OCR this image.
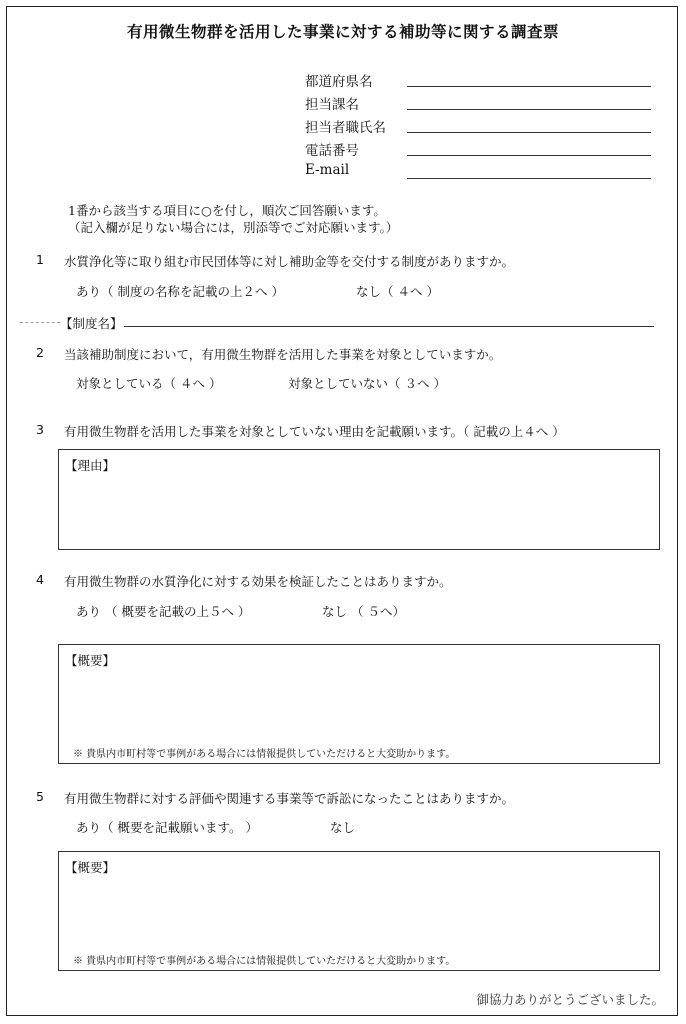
有用微生物群を活用した事業に対する補助等に関する調査票
都道府県名
担当課名
担当者職氏名
電話番号
E-mail
1番から該当する項目に○を付し，順次ご回答願います。
（記入欄が足りない場合には，別添等でご対応願います。）
1 水質浄化等に取り組む市民団体等に対し補助金等を交付する制度がありますか。
あり（ 制度の名称を記載の上２へ ）	なし（ ４へ ）
【制度名】
2 当該補助制度において，有用微生物群を活用した事業を対象としていますか。
対象としている（ ４へ ）	対象としていない（ ３へ ）
3 有用微生物群を活用した事業を対象としていない理由を記載願います。（ 記載の上４へ ）
【理由】
4 有用微生物群の水質浄化に対する効果を検証したことはありますか。
あり （ 概要を記載の上５へ ）	なし （ ５へ）
【概要】
※ 貴県内市町村等で事例がある場合には情報提供していただけると大変助かります。
5 有用微生物群に対する評価や関連する事業等で訴訟になったことはありますか。
あり（ 概要を記載願います。 ）	なし
【概要】
※ 貴県内市町村等で事例がある場合には情報提供していただけると大変助かります。
御協力ありがとうございました。
